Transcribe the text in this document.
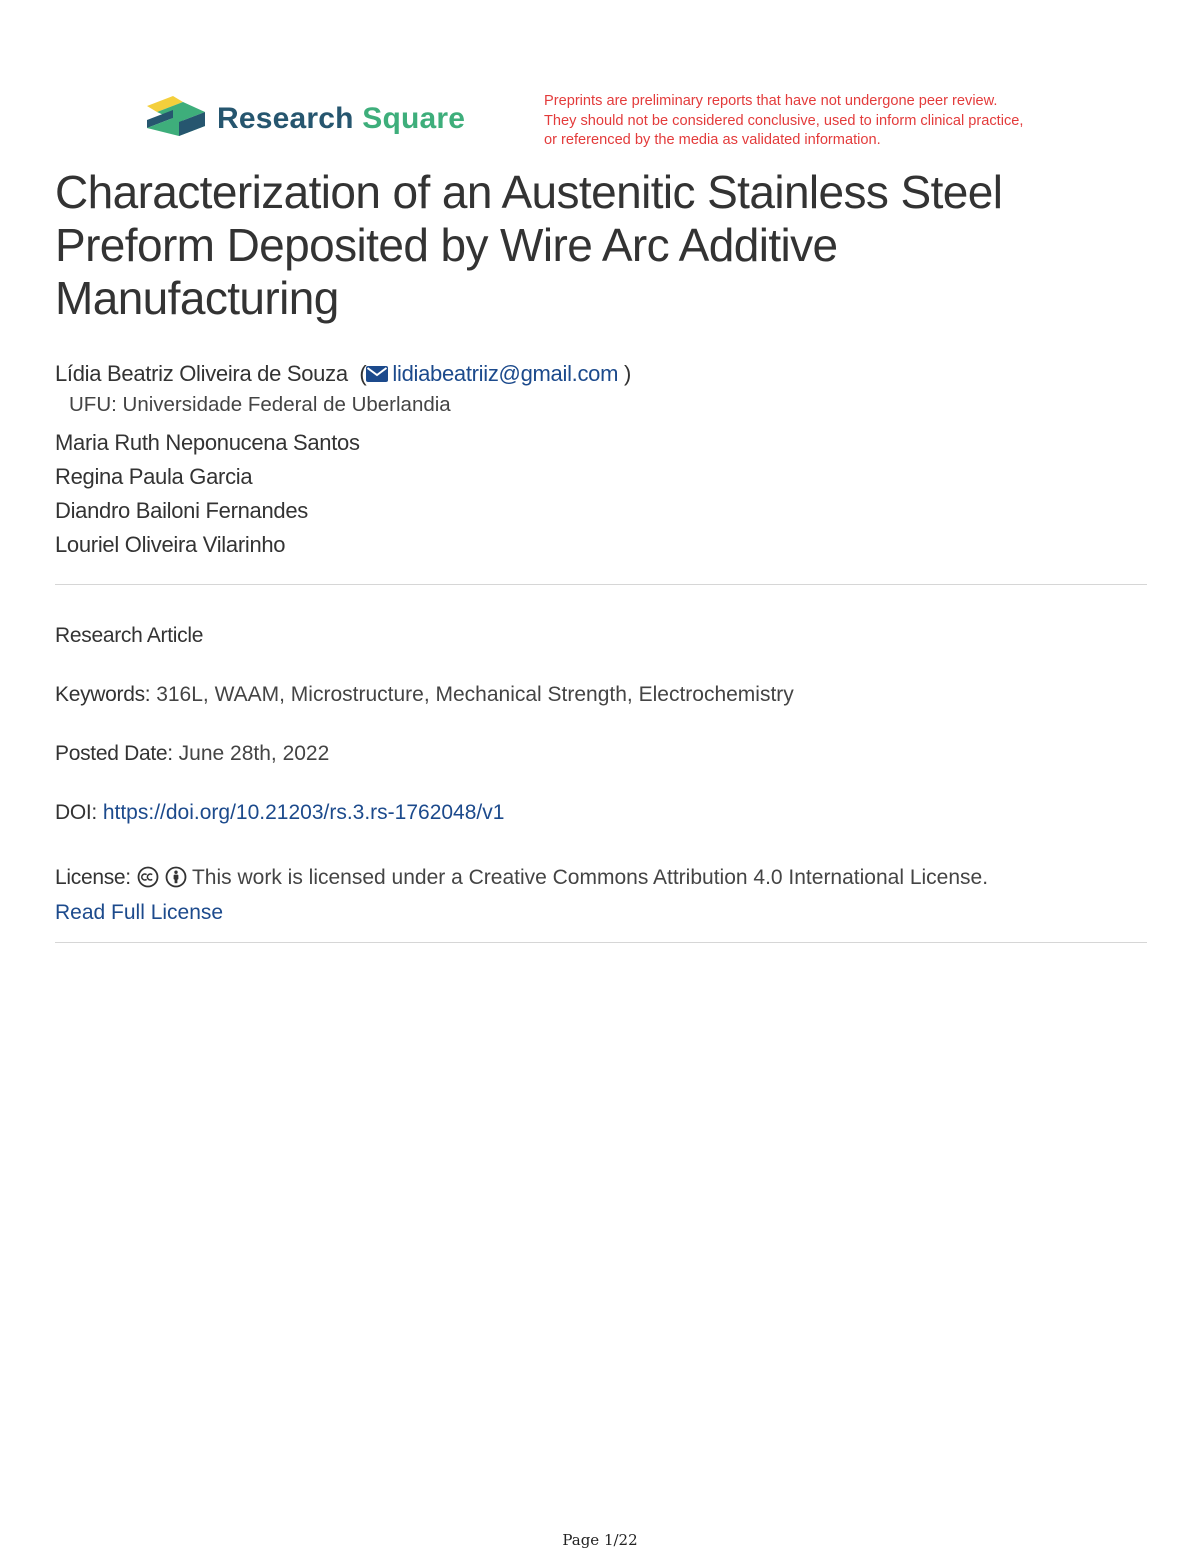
Research Square
Preprints are preliminary reports that have not undergone peer review.
They should not be considered conclusive, used to inform clinical practice,
or referenced by the media as validated information.
Characterization of an Austenitic Stainless Steel
Preform Deposited by Wire Arc Additive
Manufacturing
Lídia Beatriz Oliveira de Souza  ( lidiabeatriiz@gmail.com )
UFU: Universidade Federal de Uberlandia
Maria Ruth Neponucena Santos
Regina Paula Garcia
Diandro Bailoni Fernandes
Louriel Oliveira Vilarinho
Research Article
Keywords: 316L, WAAM, Microstructure, Mechanical Strength, Electrochemistry
Posted Date: June 28th, 2022
DOI: https://doi.org/10.21203/rs.3.rs-1762048/v1
License:	This work is licensed under a Creative Commons Attribution 4.0 International License.
Read Full License
Page 1/22
